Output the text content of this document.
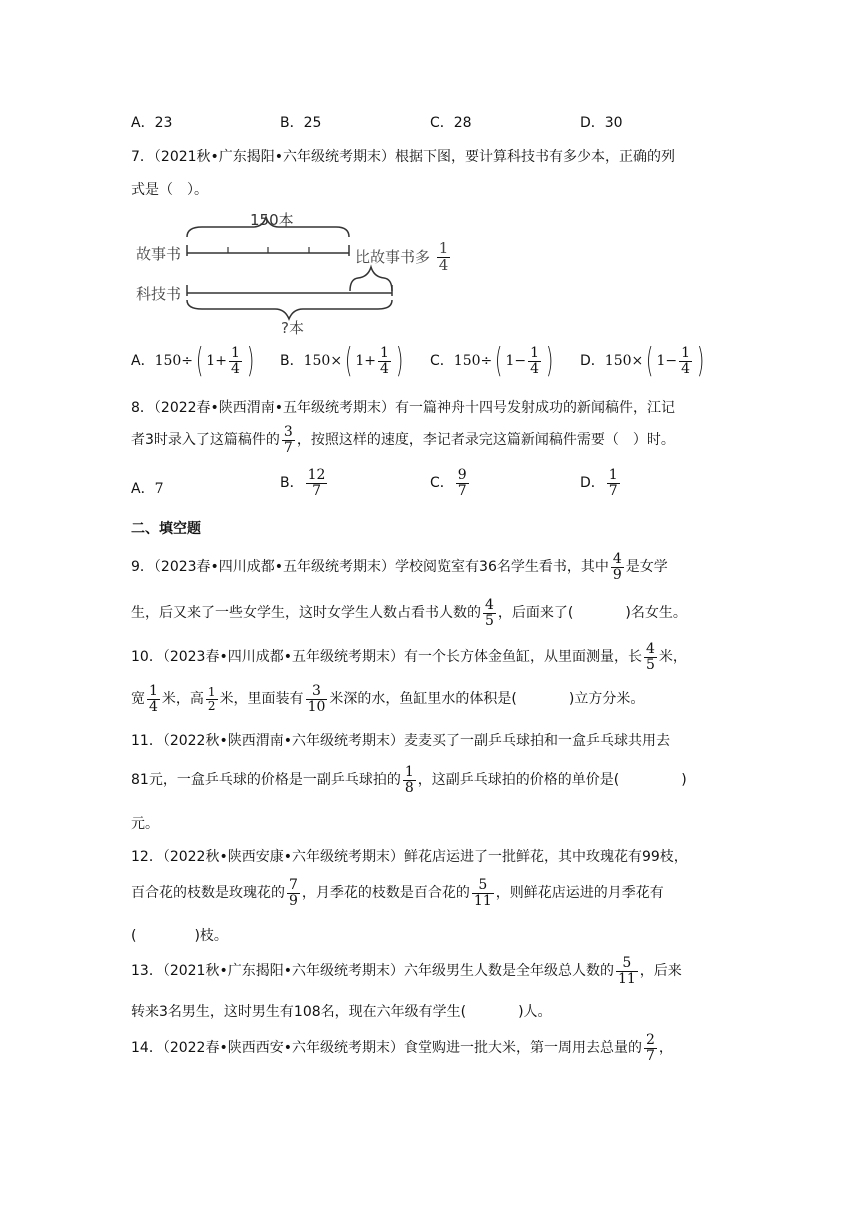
A．23	B．25	C．28	D．30
7．（2021秋•广东揭阳•六年级统考期末）根据下图，要计算科技书有多少本，正确的列
式是（　）。
150本
故事书
科技书
?本
比故事书多 $\frac{1}{4}$
A．150÷( $1+ \frac{1}{4}$ ) B．150×( $1+ \frac{1}{4}$ ) C．150÷( $1- \frac{1}{4}$ ) D．150×( $1- \frac{1}{4}$ )
8．（2022春•陕西渭南•五年级统考期末）有一篇神舟十四号发射成功的新闻稿件，江记
者3时录入了这篇稿件的 $\frac{3}{7}$ ，按照这样的速度，李记者录完这篇新闻稿件需要（　）时。
A．7	B． $\frac{12}{7}$	C． $\frac{9}{7}$	D． $\frac{1}{7}$
二、填空题
9．（2023春•四川成都•五年级统考期末）学校阅览室有36名学生看书，其中 $\frac{4}{9}$ 是女学
生，后又来了一些女学生，这时女学生人数占看书人数的 $\frac{4}{5}$ ，后面来了(	)名女生。
10．（2023春•四川成都•五年级统考期末）有一个长方体金鱼缸，从里面测量，长 $\frac{4}{5}$ 米，
宽 $\frac{1}{4}$ 米，高 $\frac{1}{2}$ 米，里面装有 $\frac{3}{10}$ 米深的水，鱼缸里水的体积是(	)立方分米。
11．（2022秋•陕西渭南•六年级统考期末）麦麦买了一副乒乓球拍和一盒乒乓球共用去
81元，一盒乒乓球的价格是一副乒乓球拍的 $\frac{1}{8}$ ，这副乒乓球拍的价格的单价是(	)
元。
12．（2022秋•陕西安康•六年级统考期末）鲜花店运进了一批鲜花，其中玫瑰花有99枝，
百合花的枝数是玫瑰花的 $\frac{7}{9}$ ，月季花的枝数是百合花的 $\frac{5}{11}$ ，则鲜花店运进的月季花有
(	)枝。
13．（2021秋•广东揭阳•六年级统考期末）六年级男生人数是全年级总人数的 $\frac{5}{11}$ ，后来
转来3名男生，这时男生有108名，现在六年级有学生(	)人。
14．（2022春•陕西西安•六年级统考期末）食堂购进一批大米，第一周用去总量的 $\frac{2}{7}$ ，
